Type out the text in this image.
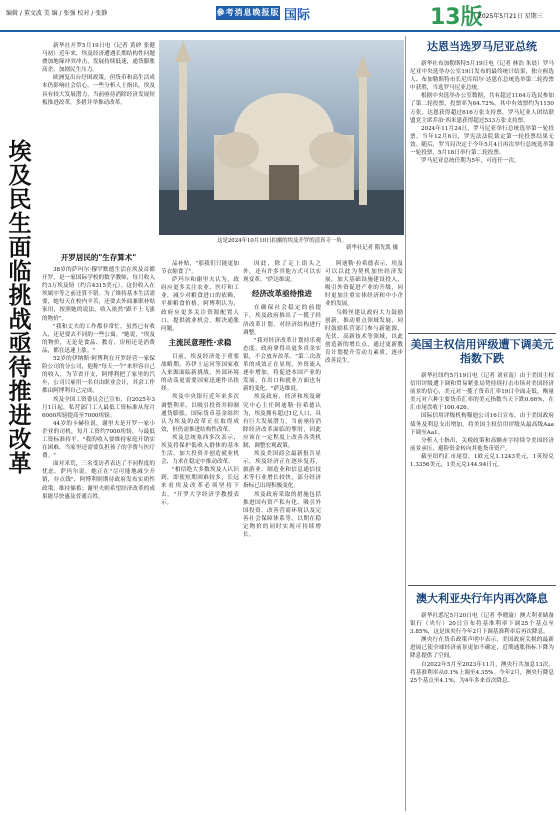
编辑 / 董文波 美 编 / 张强 校对 / 张静	參考消息晚报版 国际	13版
2025年5月21日 星期三
埃及民生面临挑战亟待推进改革

新华社开罗5月19日电（记者 黄砂 张健 马初）近年来，埃及经济遭遇长期结构性问题叠加地缘冲突冲击，发展持续低迷，通货膨胀高企，加剧民生压力。

欧洲复出台纾困政策，但货币和高生活成本仍影响社会信心。一些分析人士指出，埃及具有较大发展潜力，当前亟待消除经济发展短板推进改革，多措并举推动改革。

开罗居民的"生存算术"

38岁的萨玛尔·穆罕默德生活在埃及首都开罗，是一家国际学校的数学教师，每月收入约3万埃及镑（约合4315美元）。这份收入在埃属中等之前还算不错。为了维持基本生活需要，她每天在校内辛苦，还要去外面兼职补贴家用，按照她的说法，收入依然"跟不上飞涨的物价"。

"我和丈夫的工作都非常忙，虽然已有收入，还是要去不同的一些公寓。"她说，"埃及的物价，无论是食品、教育，房租还是消费品，都在迅速上涨。"

52岁的伊纳斯·阿博利在开罗经营一家保险公司的分公司，他称"每天一个"来形容自己的收入，为节省开支，阿博利把了家里的汽车，公司只雇用一名自由职业会计，其余工作都由阿博利自己完成。

埃及全国工资委员会已宣布，自2025年3月1日起，私营部门工人最低工资标准从每月6000埃镑提高至7000埃镑。

44岁的卡赫拉说，谢里夫是开罗一家小企业的司机，每月工资约7000埃镑，与最低工资标准持平。"我的收入要维持家庭开销实在困难，当家里还需要负担孩子的学费与医疗费。"

面对米荒，三名受访者表达了不同程度的忧虑。萨玛尔说，她正在"尽可能地减少开销，存点钱"，阿博利则期待政府发布实质性政策，维持储蓄；谢里夫则希望经济改革的成果能尽快惠及普通百姓。

这是2024年10月10日拍摄的埃及开罗的清真寺一角。
新华社记者 隋先凯 摄

品补贴，"那我们只能更加节衣缩食了"。

萨玛尔和谢里夫认为，政府应更多关注农业、医疗和工业，减少对粮食进口的依赖，平抑粮食价格。阿博利认为，政府应更多关注资源配置人口，提供就业机会，解决通胀问题。

主流民意理性·求稳

目前，埃及经济处于重要战略期，苏伊士运河等国家收入来源面临新挑战，外部环境的动荡更需要国家迅速作出抉择。

埃及中央银行近年来多次调整利率，以吸引投资并抑制通货膨胀。国际货币基金组织认为埃及的改革正在取得成效，但仍需推进结构性改革。

埃及总统塞西多次表示，埃及将保护低收入群体的基本生活，加大投资并创造就业机会，力求在稳定中推动改革。

"相信绝大多数埃及人认识到，即使短期困难较多，长远来看埃及改革必须坚持下去。"开罗大学经济学教授表示。

因此，除了走上街头之外，还有许多其他方式可以实现变革。"萨达维说。

经济改革亟待推进

在确保社会稳定的前提下，埃及政府推出了一揽子经济改革计划，对经济结构进行调整。

"我对经济改革计划持乐观态度，政府拿得出更多真金实银，不会放弃改革。"第二次改革的成效正在显现，外资流入逐步增加，将促进本国产业的发展，在出口和就业方面也有新的变化。"萨达维说。

埃及政府、经济和埃及研究中心主任阿迪勒·拉希德认为，埃及拥有超过1亿人口，具有巨大发展潜力，当前亟待消除经济改革面临的掣肘，因此应该在一定程度上改善各类机制，调整宏观政策。

埃及美国商会最新报告显示，埃及经济正在逐步复苏，旅游业、制造业和信息通信技术等行业增长较快，部分经济指标已出现积极变化。

埃及政府采取的措施包括推进国有资产私有化、吸引外国投资、改善营商环境以及完善社会保障体系等，以期在稳定物价的同时实现可持续增长。

阿迪勒·拉希德表示，埃及可以以此为契机加快经济发展，加大基础设施建设投入，吸引外资促进产业的升级，同时更加注重实体经济和中小企业的发展。

乌姆丝建议政府大力鼓励创新，推动重点领域发展，同时鼓励私营部门参与新能源、光伏、高新技术等领域，以此创造新的增长点，通过更新教育计划提升劳动力素质，逐步改善民生。

达恩当选罗马尼亚总统

新华社布加勒斯特5月19日电（记者 林浩 朱晨）罗马尼亚中央选举办公室19日发布的最终统计结果，独立候选人、布加勒斯特市长尼库绍尔·达恩在总统选举第二轮投票中获胜，当选罗马尼亚总统。

根据中央选举办公室数据，共有超过1164万选民参加了第二轮投票，投票率为64.72%，其中有效票约为1150万张。达恩获得超过616万张支持票，罗马尼亚人团结联盟党主席乔治·西米恩获得超过533万张支持票。

2024年11月24日，罗马尼亚举行总统选举第一轮投票。当年12月6日，罗宪法法院裁定第一轮投票结果无效。随后，罗当局决定于今年5月4日再次举行总统选举第一轮投票，5月18日举行第二轮投票。

罗马尼亚总统任期为5年，可连任一次。

美国主权信用评级遭下调美元指数下跌

新华社纽约5月19日电（记者 刘亚南）由于美国主权信用评级遭下调和贸易紧张局势持续打击市场对美国经济前景的信心，美元对一揽子货币汇率19日全面走低。衡量美元对六种主要货币汇率的美元指数当天下跌0.66%，在汇市尾盘收于100.426。

国际信用评级机构穆迪公司16日宣布，由于美国政府债务及利息支出增加，将美国主权信用评级从最高级Aaa下调至Aa1。

分析人士指出，关税政策和高额赤字持续令美国经济前景承压，避险资金转向其他货币资产。

截至纽约汇市尾盘，1欧元兑1.1243美元，1英镑兑1.3356美元，1美元兑144.94日元。

澳大利亚央行年内再次降息

新华社悉尼5月20日电（记者 李晓渝）澳大利亚储备银行（央行）20日宣布将基准利率下调25个基点至3.85%，这是该央行今年2月下调基准利率后再次降息。

澳央行在货币政策声明中表示，美国政府关税的最新进展已使全球经济前景更加不确定，近期通胀指标下降为降息提供了空间。

自2022年5月至2023年11月，澳央行共加息13次，将基准利率从0.1%上调至4.35%。今年2月，澳央行降息25个基点至4.1%，为4年多来首次降息。
